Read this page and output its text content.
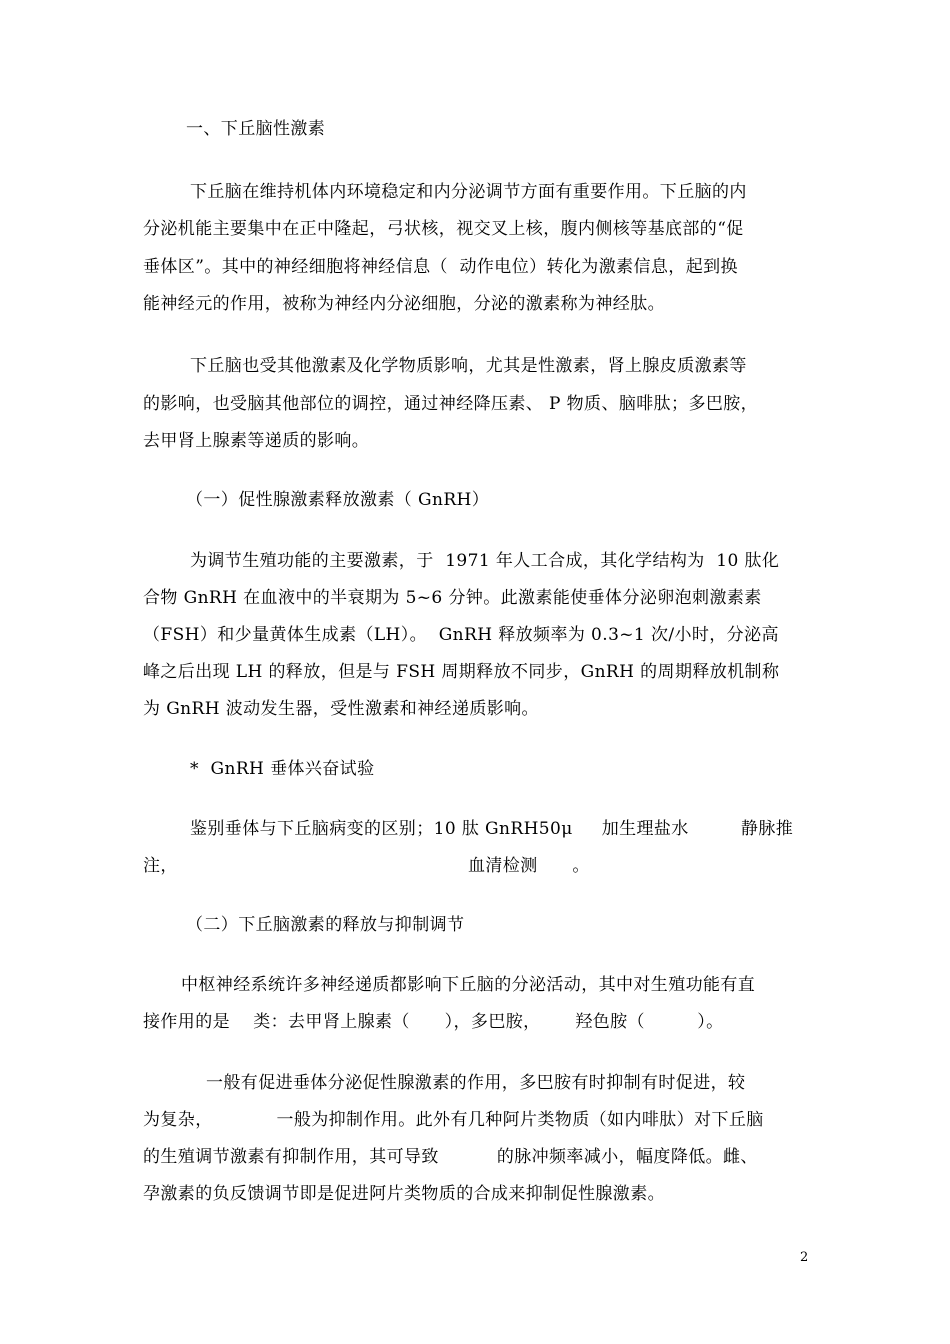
一、下丘脑性激素
下丘脑在维持机体内环境稳定和内分泌调节方面有重要作用。下丘脑的内
分泌机能主要集中在正中隆起，弓状核，视交叉上核，腹内侧核等基底部的“促
垂体区”。其中的神经细胞将神经信息（  动作电位）转化为激素信息，起到换
能神经元的作用，被称为神经内分泌细胞，分泌的激素称为神经肽。
下丘脑也受其他激素及化学物质影响，尤其是性激素，肾上腺皮质激素等
的影响，也受脑其他部位的调控，通过神经降压素、 P 物质、脑啡肽；多巴胺，
去甲肾上腺素等递质的影响。
（一）促性腺激素释放激素（ GnRH）
为调节生殖功能的主要激素，于  1971 年人工合成，其化学结构为  10 肽化
合物 GnRH 在血液中的半衰期为 5~6 分钟。此激素能使垂体分泌卵泡刺激素素
（FSH）和少量黄体生成素（LH）。  GnRH 释放频率为 0.3~1 次/小时，分泌高
峰之后出现 LH 的释放，但是与 FSH 周期释放不同步，GnRH 的周期释放机制称
为 GnRH 波动发生器，受性激素和神经递质影响。
*  GnRH 垂体兴奋试验
鉴别垂体与下丘脑病变的区别；10 肽 GnRH50μ     加生理盐水         静脉推
注，                                                  血清检测      。
（二）下丘脑激素的释放与抑制调节
中枢神经系统许多神经递质都影响下丘脑的分泌活动，其中对生殖功能有直
接作用的是    类：去甲肾上腺素（      ），多巴胺，      羟色胺（         ）。
一般有促进垂体分泌促性腺激素的作用，多巴胺有时抑制有时促进，较
为复杂，           一般为抑制作用。此外有几种阿片类物质（如内啡肽）对下丘脑
的生殖调节激素有抑制作用，其可导致          的脉冲频率减小，幅度降低。雌、
孕激素的负反馈调节即是促进阿片类物质的合成来抑制促性腺激素。
2
